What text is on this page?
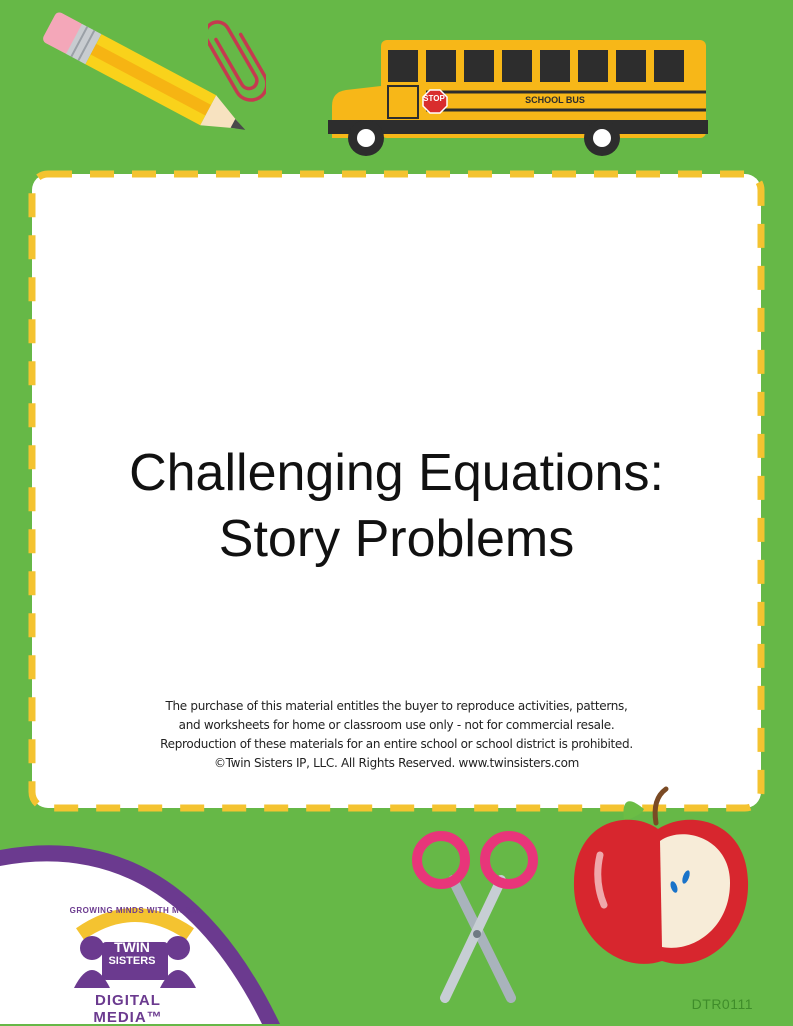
STOP	SCHOOL BUS
Challenging Equations:
Story Problems
The purchase of this material entitles the buyer to reproduce activities, patterns,
and worksheets for home or classroom use only - not for commercial resale.
Reproduction of these materials for an entire school or school district is prohibited.
©Twin Sisters IP, LLC. All Rights Reserved. www.twinsisters.com
GROWING MINDS WITH MUSIC
TWIN
SISTERS
DIGITAL MEDIA™
DTR0111
